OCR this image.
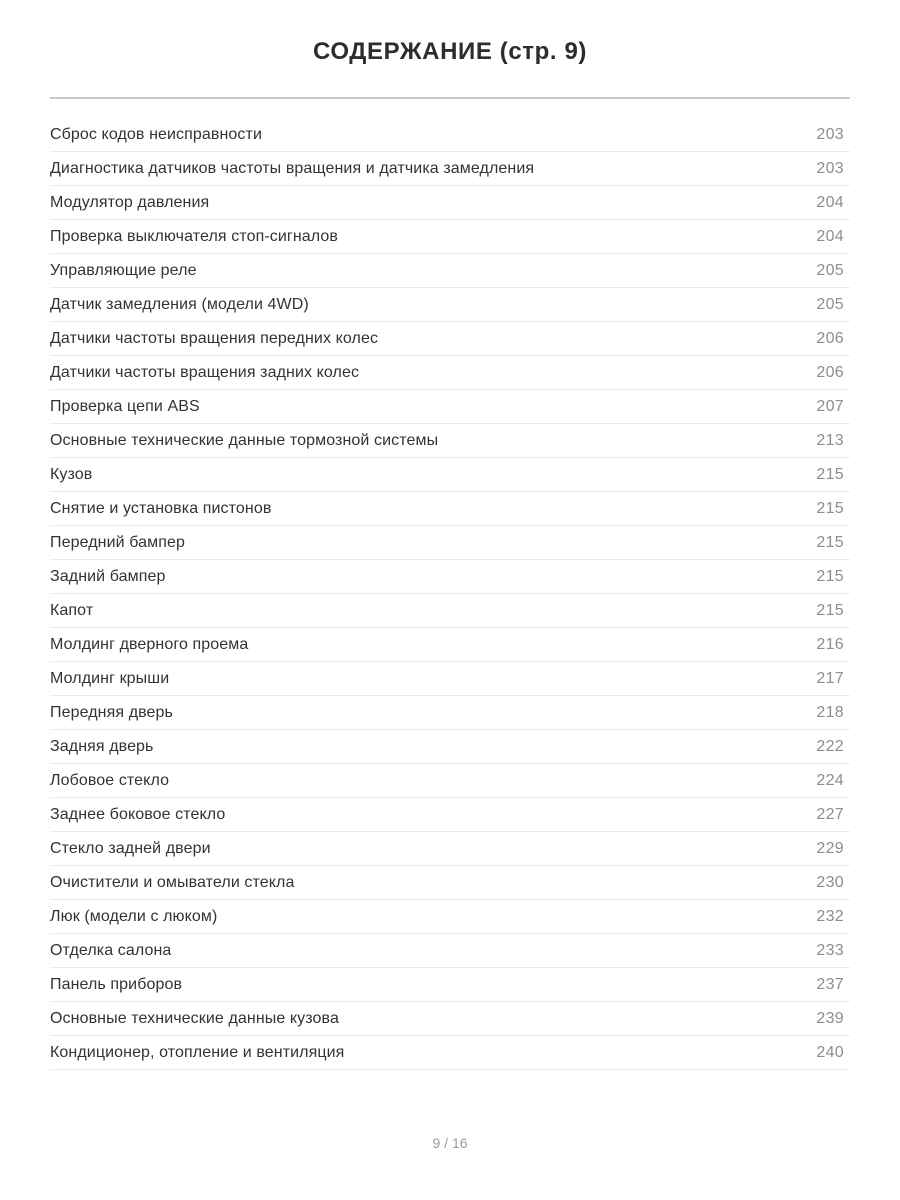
СОДЕРЖАНИЕ (стр. 9)
Сброс кодов неисправности	203
Диагностика датчиков частоты вращения и датчика замедления	203
Модулятор давления	204
Проверка выключателя стоп-сигналов	204
Управляющие реле	205
Датчик замедления (модели 4WD)	205
Датчики частоты вращения передних колес	206
Датчики частоты вращения задних колес	206
Проверка цепи ABS	207
Основные технические данные тормозной системы	213
Кузов	215
Снятие и установка пистонов	215
Передний бампер	215
Задний бампер	215
Капот	215
Молдинг дверного проема	216
Молдинг крыши	217
Передняя дверь	218
Задняя дверь	222
Лобовое стекло	224
Заднее боковое стекло	227
Стекло задней двери	229
Очистители и омыватели стекла	230
Люк (модели с люком)	232
Отделка салона	233
Панель приборов	237
Основные технические данные кузова	239
Кондиционер, отопление и вентиляция	240
9 / 16
